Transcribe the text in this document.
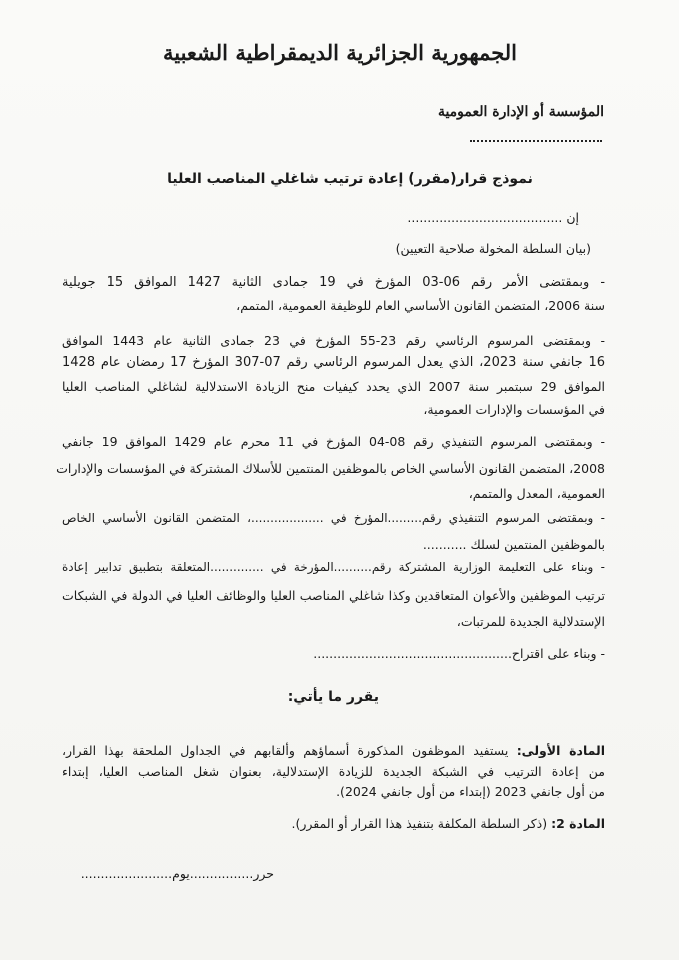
الجمهورية الجزائرية الديمقراطية الشعبية
المؤسسة أو الإدارة العمومية
نموذج قرار(مقرر) إعادة ترتيب شاغلي المناصب العليا
إن .......................................
(بيان السلطة المخولة صلاحية التعيين)
- وبمقتضى الأمر رقم 06-03 المؤرخ في 19 جمادى الثانية 1427 الموافق 15 جويلية
سنة 2006، المتضمن القانون الأساسي العام للوظيفة العمومية، المتمم،
- وبمقتضى المرسوم الرئاسي رقم 23-55 المؤرخ في 23 جمادى الثانية عام 1443 الموافق
16 جانفي سنة 2023، الذي يعدل المرسوم الرئاسي رقم 07-307 المؤرخ 17 رمضان عام 1428
الموافق 29 سبتمبر سنة 2007 الذي يحدد كيفيات منح الزيادة الاستدلالية لشاغلي المناصب العليا
في المؤسسات والإدارات العمومية،
- وبمقتضى المرسوم التنفيذي رقم 08-04 المؤرخ في 11 محرم عام 1429 الموافق 19 جانفي
2008، المتضمن القانون الأساسي الخاص بالموظفين المنتمين للأسلاك المشتركة في المؤسسات والإدارات
العمومية، المعدل والمتمم،
- وبمقتضى المرسوم التنفيذي رقم.........المؤرخ في ...................، المتضمن القانون الأساسي الخاص
بالموظفين المنتمين لسلك ...........
- وبناء على التعليمة الوزارية المشتركة رقم..........المؤرخة في ..............المتعلقة بتطبيق تدابير إعادة
ترتيب الموظفين والأعوان المتعاقدين وكذا شاغلي المناصب العليا والوظائف العليا في الدولة في الشبكات
الإستدلالية الجديدة للمرتبات،
- وبناء على اقتراح..................................................
يقرر ما يأتي:
المادة الأولى: يستفيد الموظفون المذكورة أسماؤهم وألقابهم في الجداول الملحقة بهذا القرار،
من إعادة الترتيب في الشبكة الجديدة للزيادة الإستدلالية، بعنوان شغل المناصب العليا، إبتداء
من أول جانفي 2023 (إبتداء من أول جانفي 2024).
المادة 2: (ذكر السلطة المكلفة بتنفيذ هذا القرار أو المقرر).
حرر................يوم.......................
